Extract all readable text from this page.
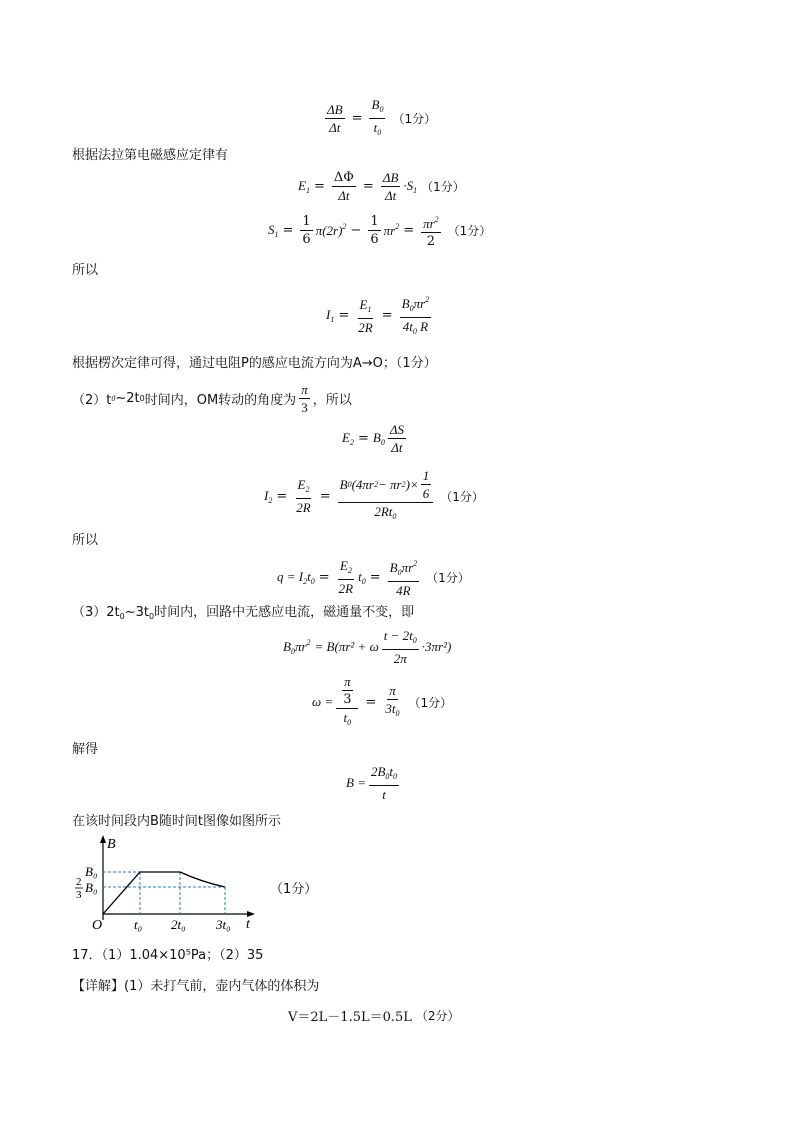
$\frac{\Delta B}{\Delta t} = \frac{B_0}{t_0} (1$分）
根据法拉第电磁感应定律有
$E_1 = \frac{\Delta\Phi}{\Delta t} = \frac{\Delta B}{\Delta t} \cdot S_1$ （1分）
$S_1 = \frac{1}{6} \pi(2r)^2 - \frac{1}{6} \pi r^2 = \frac{\pi r^2}{2} (1$分）
所以
$I_1 = \frac{E_1}{2R} = \frac{B_0\pi r^2}{4t_0 R}$
根据楞次定律可得，通过电阻P的感应电流方向为A→O；（1分）
（2）t 0 ~2t 0 时间内，OM转动的角度为 $\frac{\pi}{3}$ ，所以
$E_2 = B_0 \frac{\Delta S}{\Delta t}$
$I_2 = \frac{E_2}{2R} = \frac{B 0 (4\pi r 2 - \pi r 2 )\times \frac{1}{6}}{2Rt_0} (1$分）
所以
$q = I_2t_0 = \frac{E_2}{2R} t_0 = \frac{B_0\pi r^2}{4R} (1$分）
$(3)2t_0\sim 3t_0$时间内，回路中无感应电流，磁通量不变，即
$B_0\pi r^2 = B(\pi r^2 + \omega \frac{t - 2t_0}{2\pi} \cdot 3\pi r^2)$
$\omega = \frac{\frac{\pi}{3}}{t_0} = \frac{\pi}{3t_0} (1$分）
解得
$B = \frac{2B_0t_0}{t}$
在该时间段内B随时间t图像如图所示
B
t
O
B₀
2
3 B₀
t₀ 2t₀ 3t₀
（1分）
17．（1）1.04×10⁵Pa；（2）35
【详解】(1）未打气前，壶内气体的体积为
V＝2L－1.5L＝0.5L （2分）
